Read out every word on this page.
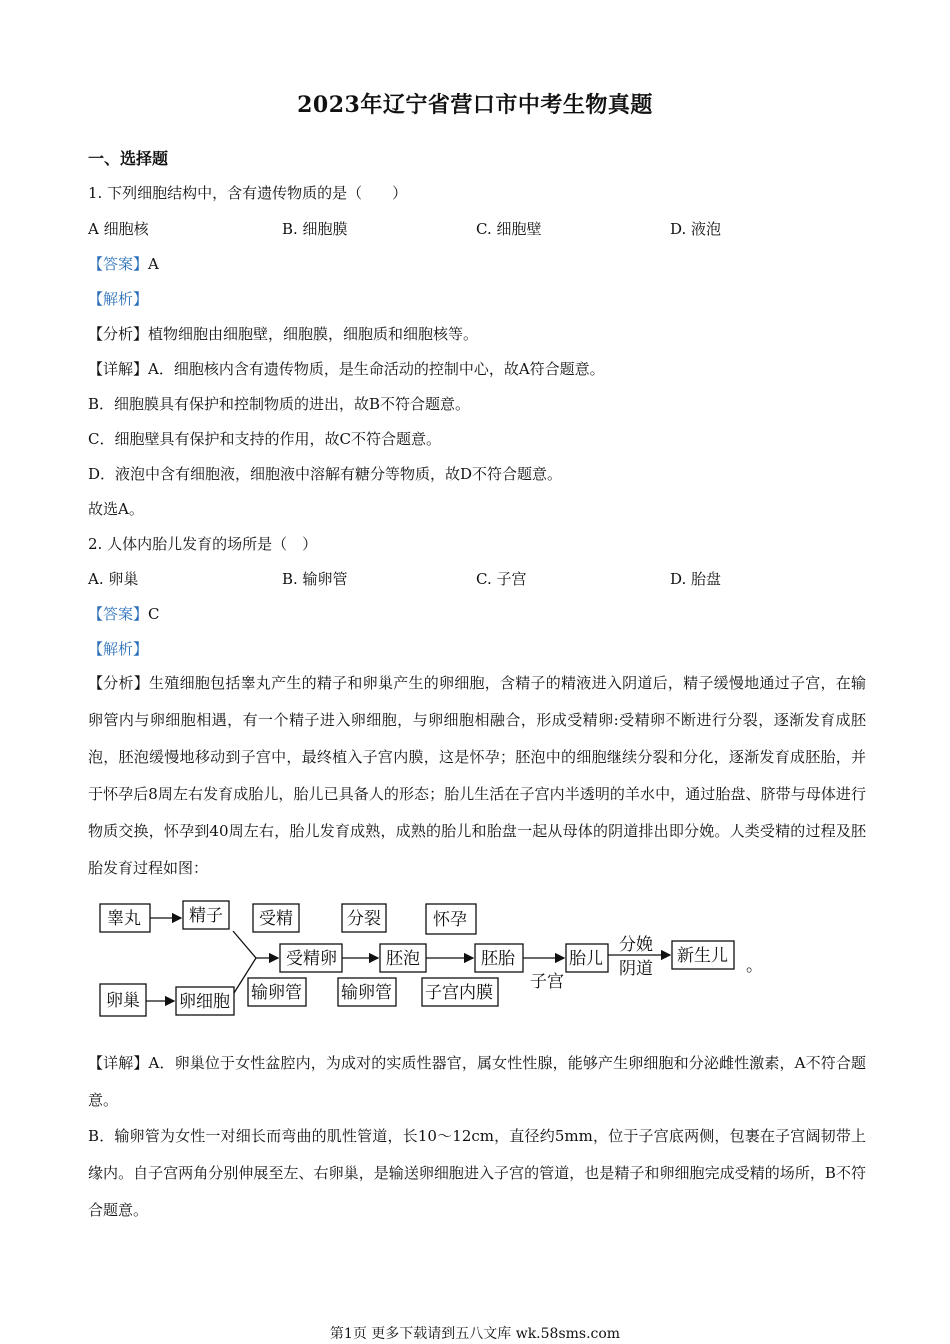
2023年辽宁省营口市中考生物真题
一、选择题
1. 下列细胞结构中，含有遗传物质的是（　　）
A 细胞核	B. 细胞膜	C. 细胞壁	D. 液泡
【答案】A
【解析】
【分析】植物细胞由细胞壁，细胞膜，细胞质和细胞核等。
【详解】A．细胞核内含有遗传物质，是生命活动的控制中心，故A符合题意。
B．细胞膜具有保护和控制物质的进出，故B不符合题意。
C．细胞壁具有保护和支持的作用，故C不符合题意。
D．液泡中含有细胞液，细胞液中溶解有糖分等物质，故D不符合题意。
故选A。
2. 人体内胎儿发育的场所是（　）
A. 卵巢	B. 输卵管	C. 子宫	D. 胎盘
【答案】C
【解析】
【分析】生殖细胞包括睾丸产生的精子和卵巢产生的卵细胞，含精子的精液进入阴道后，精子缓慢地通过子宫，在输卵管内与卵细胞相遇，有一个精子进入卵细胞，与卵细胞相融合，形成受精卵:受精卵不断进行分裂，逐渐发育成胚泡，胚泡缓慢地移动到子宫中，最终植入子宫内膜，这是怀孕；胚泡中的细胞继续分裂和分化，逐渐发育成胚胎，并于怀孕后8周左右发育成胎儿，胎儿已具备人的形态；胎儿生活在子宫内半透明的羊水中，通过胎盘、脐带与母体进行物质交换，怀孕到40周左右，胎儿发育成熟，成熟的胎儿和胎盘一起从母体的阴道排出即分娩。人类受精的过程及胚胎发育过程如图：
睾丸	精子
卵巢 卵细胞
受精
受精卵
输卵管
分裂
胚泡
输卵管
怀孕
胚胎
子宫内膜
子宫
胎儿
分娩
阴道
新生儿 。
【详解】A．卵巢位于女性盆腔内，为成对的实质性器官，属女性性腺，能够产生卵细胞和分泌雌性激素，A不符合题意。
B．输卵管为女性一对细长而弯曲的肌性管道，长10～12cm，直径约5mm，位于子宫底两侧，包裹在子宫阔韧带上缘内。自子宫两角分别伸展至左、右卵巢，是输送卵细胞进入子宫的管道，也是精子和卵细胞完成受精的场所，B不符合题意。
第1页 更多下载请到五八文库 wk.58sms.com
